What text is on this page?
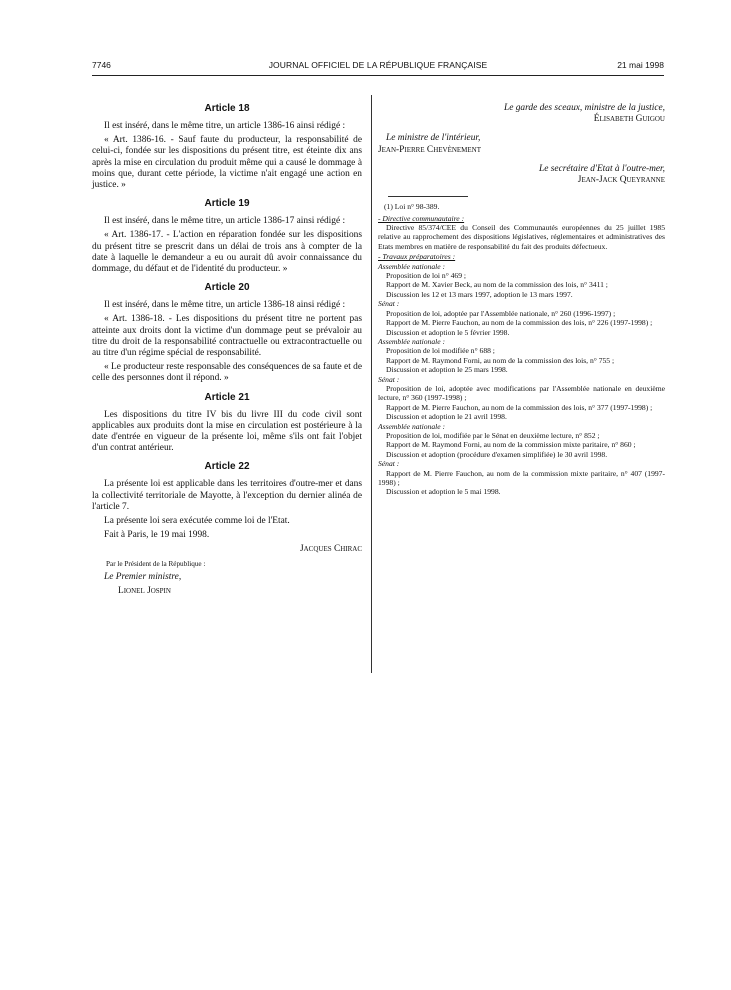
7746	JOURNAL OFFICIEL DE LA RÉPUBLIQUE FRANÇAISE	21 mai 1998
Article 18

Il est inséré, dans le même titre, un article 1386-16 ainsi rédigé :

« Art. 1386-16. - Sauf faute du producteur, la responsabilité de celui-ci, fondée sur les dispositions du présent titre, est éteinte dix ans après la mise en circulation du produit même qui a causé le dommage à moins que, durant cette période, la victime n'ait engagé une action en justice. »

Article 19

Il est inséré, dans le même titre, un article 1386-17 ainsi rédigé :

« Art. 1386-17. - L'action en réparation fondée sur les dispositions du présent titre se prescrit dans un délai de trois ans à compter de la date à laquelle le demandeur a eu ou aurait dû avoir connaissance du dommage, du défaut et de l'identité du producteur. »

Article 20

Il est inséré, dans le même titre, un article 1386-18 ainsi rédigé :

« Art. 1386-18. - Les dispositions du présent titre ne portent pas atteinte aux droits dont la victime d'un dommage peut se prévaloir au titre du droit de la responsabilité contractuelle ou extracontractuelle ou au titre d'un régime spécial de responsabilité.

« Le producteur reste responsable des conséquences de sa faute et de celle des personnes dont il répond. »

Article 21

Les dispositions du titre IV bis du livre III du code civil sont applicables aux produits dont la mise en circulation est postérieure à la date d'entrée en vigueur de la présente loi, même s'ils ont fait l'objet d'un contrat antérieur.

Article 22

La présente loi est applicable dans les territoires d'outre-mer et dans la collectivité territoriale de Mayotte, à l'exception du dernier alinéa de l'article 7.

La présente loi sera exécutée comme loi de l'Etat.

Fait à Paris, le 19 mai 1998.

Jacques Chirac
Par le Président de la République :

Le Premier ministre,

Lionel Jospin

Le garde des sceaux, ministre de la justice,
Élisabeth Guigou
Le ministre de l'intérieur,
Jean-Pierre Chevènement
Le secrétaire d'Etat à l'outre-mer,
Jean-Jack Queyranne

(1) Loi n° 98-389.

- Directive communautaire :

Directive 85/374/CEE du Conseil des Communautés européennes du 25 juillet 1985 relative au rapprochement des dispositions législatives, réglementaires et administratives des Etats membres en matière de responsabilité du fait des produits défectueux.

- Travaux préparatoires :

Assemblée nationale :

Proposition de loi n° 469 ;

Rapport de M. Xavier Beck, au nom de la commission des lois, n° 3411 ;

Discussion les 12 et 13 mars 1997, adoption le 13 mars 1997.

Sénat :

Proposition de loi, adoptée par l'Assemblée nationale, n° 260 (1996-1997) ;

Rapport de M. Pierre Fauchon, au nom de la commission des lois, n° 226 (1997-1998) ;

Discussion et adoption le 5 février 1998.

Assemblée nationale :

Proposition de loi modifiée n° 688 ;

Rapport de M. Raymond Forni, au nom de la commission des lois, n° 755 ;

Discussion et adoption le 25 mars 1998.

Sénat :

Proposition de loi, adoptée avec modifications par l'Assemblée nationale en deuxième lecture, n° 360 (1997-1998) ;

Rapport de M. Pierre Fauchon, au nom de la commission des lois, n° 377 (1997-1998) ;

Discussion et adoption le 21 avril 1998.

Assemblée nationale :

Proposition de loi, modifiée par le Sénat en deuxième lecture, n° 852 ;

Rapport de M. Raymond Forni, au nom de la commission mixte paritaire, n° 860 ;

Discussion et adoption (procédure d'examen simplifiée) le 30 avril 1998.

Sénat :

Rapport de M. Pierre Fauchon, au nom de la commission mixte paritaire, n° 407 (1997-1998) ;

Discussion et adoption le 5 mai 1998.
